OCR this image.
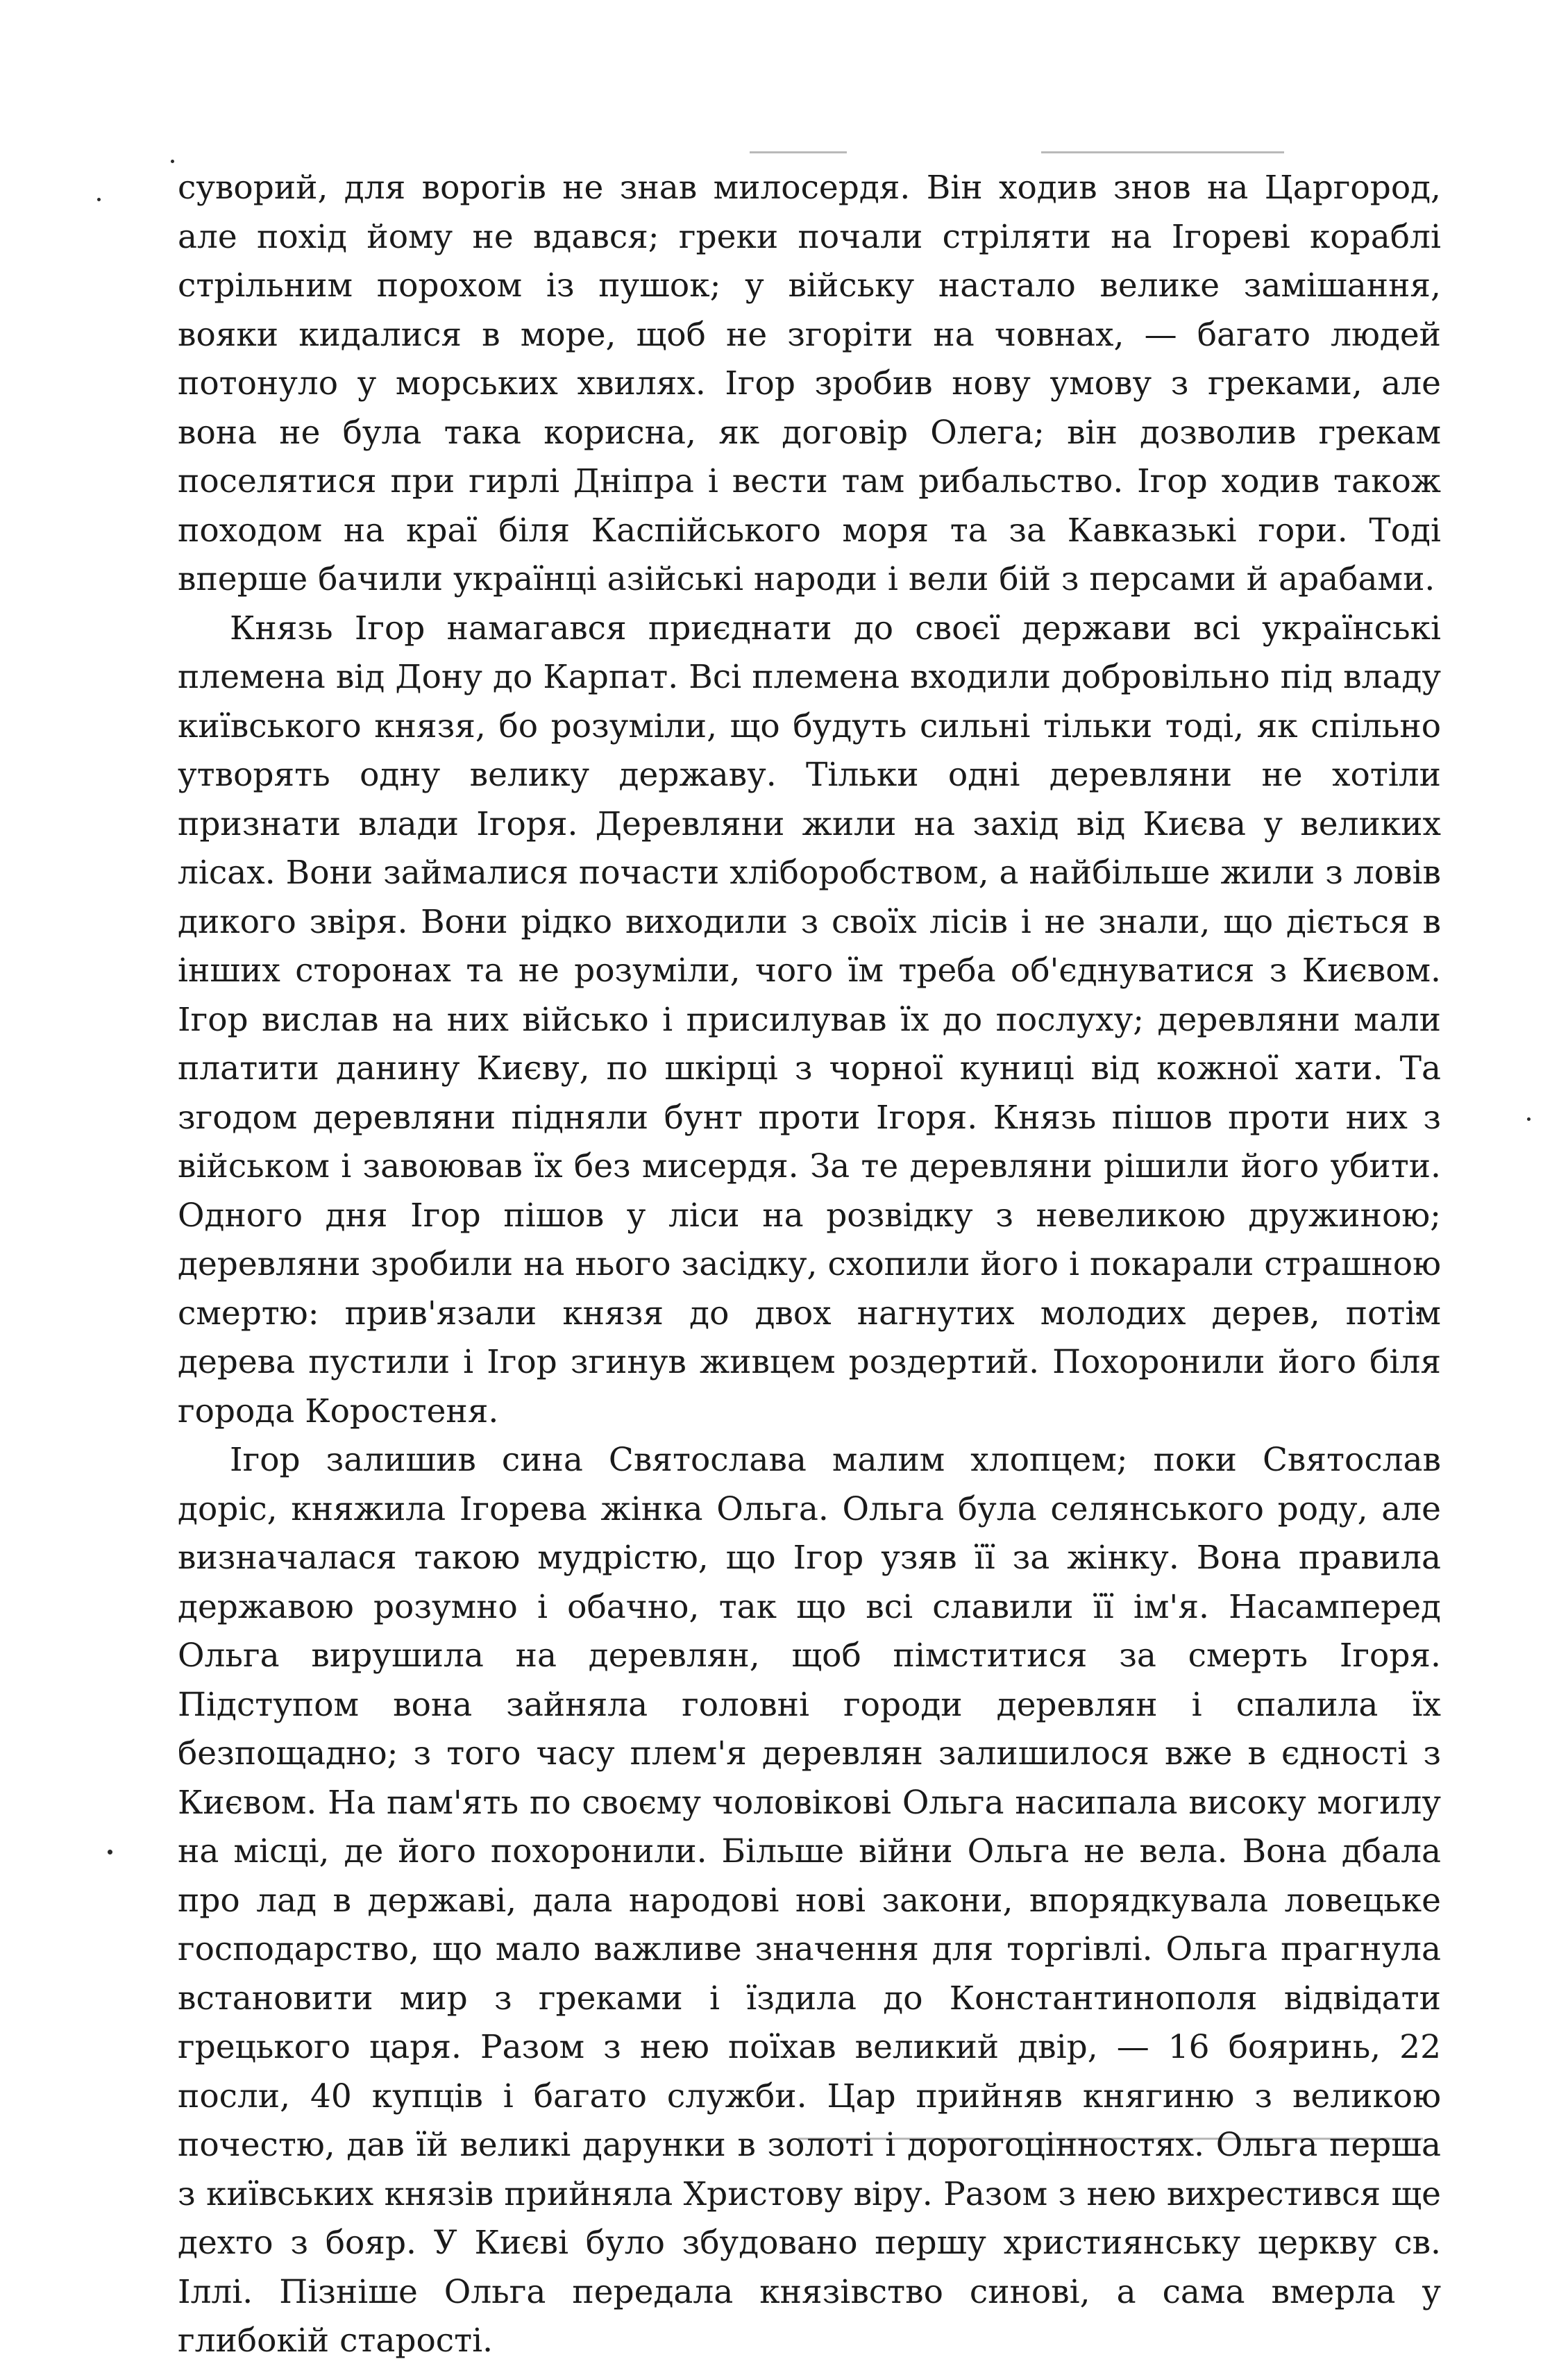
суворий, для ворогів не знав милосердя. Він ходив знов на Царгород, але похід йому не вдався; греки почали стріляти на Ігореві кораблі стрільним порохом із пушок; у війську настало велике замішання, вояки кидалися в море, щоб не згоріти на човнах, — багато людей потонуло у морських хвилях. Ігор зробив нову умову з греками, але вона не була така корисна, як договір Олега; він дозволив грекам поселятися при гирлі Дніпра і вести там рибальство. Ігор ходив також походом на краї біля Каспійського моря та за Кавказькі гори. Тоді вперше бачили українці азійські народи і вели бій з персами й арабами.

Князь Ігор намагався приєднати до своєї держави всі українські племена від Дону до Карпат. Всі племена входили добровільно під владу київського князя, бо розуміли, що будуть сильні тільки тоді, як спільно утворять одну велику державу. Тільки одні деревляни не хотіли признати влади Ігоря. Деревляни жили на захід від Києва у великих лісах. Вони займалися почасти хліборобством, а найбільше жили з ловів дикого звіря. Вони рідко виходили з своїх лісів і не знали, що діється в інших сторонах та не розуміли, чого їм треба об'єднуватися з Києвом. Ігор вислав на них військо і присилував їх до послуху; деревляни мали платити данину Києву, по шкірці з чорної куниці від кожної хати. Та згодом деревляни підняли бунт проти Ігоря. Князь пішов проти них з військом і завоював їх без мисердя. За те деревляни рішили його убити. Одного дня Ігор пішов у ліси на розвідку з невеликою дружиною; деревляни зробили на нього засідку, схопили його і покарали страшною смертю: прив'язали князя до двох нагнутих молодих дерев, потім дерева пустили і Ігор згинув живцем роздертий. Похоронили його біля города Коростеня.

Ігор залишив сина Святослава малим хлопцем; поки Святослав доріс, княжила Ігорева жінка Ольга. Ольга була селянського роду, але визначалася такою мудрістю, що Ігор узяв її за жінку. Вона правила державою розумно і обачно, так що всі славили її ім'я. Насамперед Ольга вирушила на деревлян, щоб пімститися за смерть Ігоря. Підступом вона зайняла головні городи деревлян і спалила їх безпощадно; з того часу плем'я деревлян залишилося вже в єдності з Києвом. На пам'ять по своєму чоловікові Ольга насипала високу могилу на місці, де його похоронили. Більше війни Ольга не вела. Вона дбала про лад в державі, дала народові нові закони, впорядкувала ловецьке господарство, що мало важливе значення для торгівлі. Ольга прагнула встановити мир з греками і їздила до Константинополя відвідати грецького царя. Разом з нею поїхав великий двір, — 16 бояринь, 22 посли, 40 купців і багато служби. Цар прийняв княгиню з великою почестю, дав їй великі дарунки в золоті і дорогоцінностях. Ольга перша з київських князів прийняла Христову віру. Разом з нею вихрестився ще дехто з бояр. У Києві було збудовано першу християнську церкву св. Іллі. Пізніше Ольга передала князівство синові, а сама вмерла у глибокій старості.
